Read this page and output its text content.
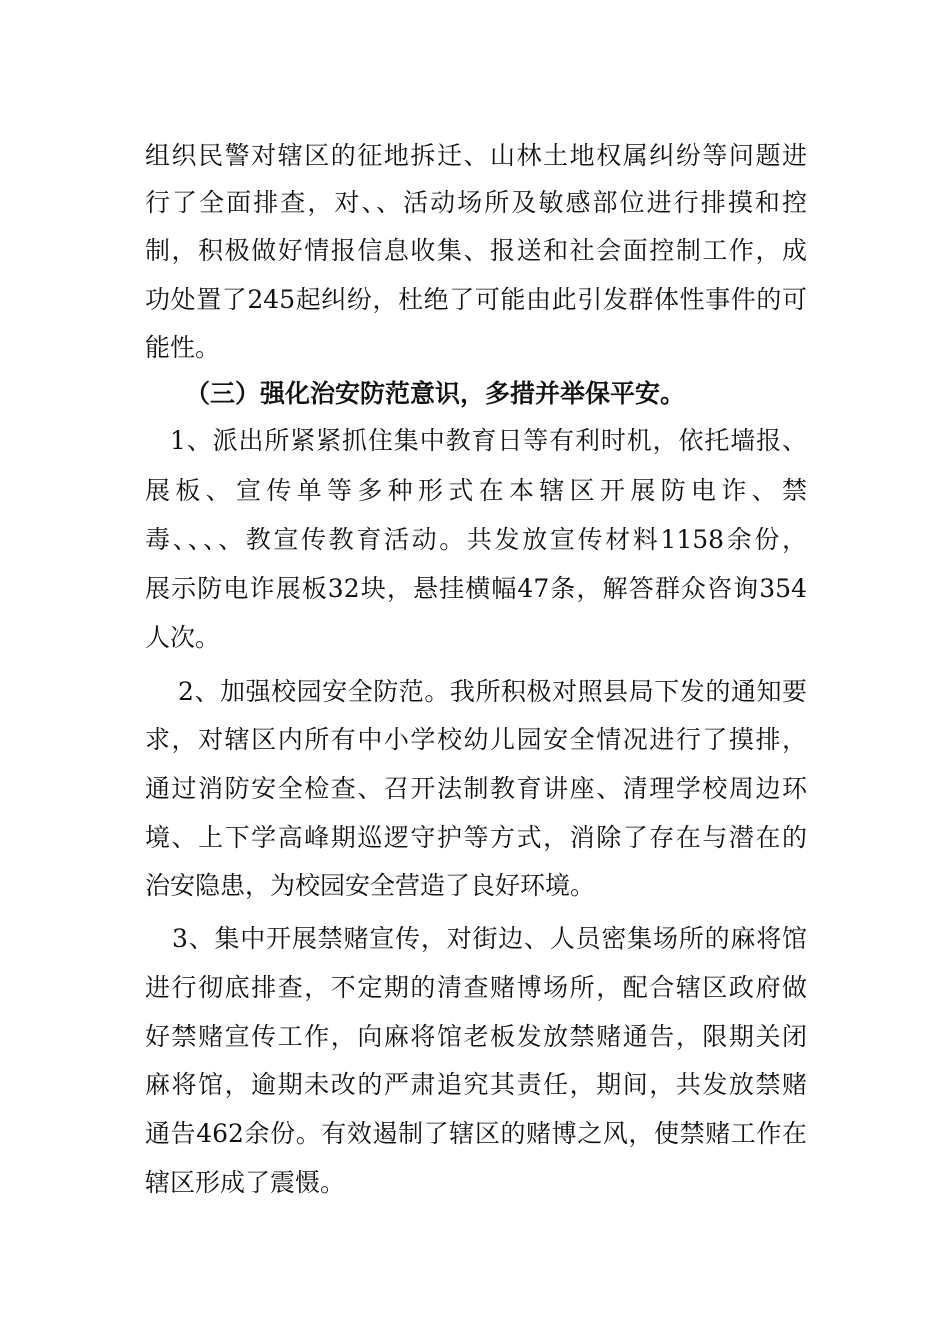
组织民警对辖区的征地拆迁、山林土地权属纠纷等问题进
行了全面排查，对、、活动场所及敏感部位进行排摸和控
制，积极做好情报信息收集、报送和社会面控制工作，成
功处置了245起纠纷，杜绝了可能由此引发群体性事件的可
能性。
（三）强化治安防范意识，多措并举保平安。
1、派出所紧紧抓住集中教育日等有利时机，依托墙报、
展板、宣传单等多种形式在本辖区开展防电诈、禁
毒、、、、教宣传教育活动。共发放宣传材料1158余份，
展示防电诈展板32块，悬挂横幅47条，解答群众咨询354
人次。
2、加强校园安全防范。我所积极对照县局下发的通知要
求，对辖区内所有中小学校幼儿园安全情况进行了摸排，
通过消防安全检查、召开法制教育讲座、清理学校周边环
境、上下学高峰期巡逻守护等方式，消除了存在与潜在的
治安隐患，为校园安全营造了良好环境。
3、集中开展禁赌宣传，对街边、人员密集场所的麻将馆
进行彻底排查，不定期的清查赌博场所，配合辖区政府做
好禁赌宣传工作，向麻将馆老板发放禁赌通告，限期关闭
麻将馆，逾期未改的严肃追究其责任，期间，共发放禁赌
通告462余份。有效遏制了辖区的赌博之风，使禁赌工作在
辖区形成了震慑。
